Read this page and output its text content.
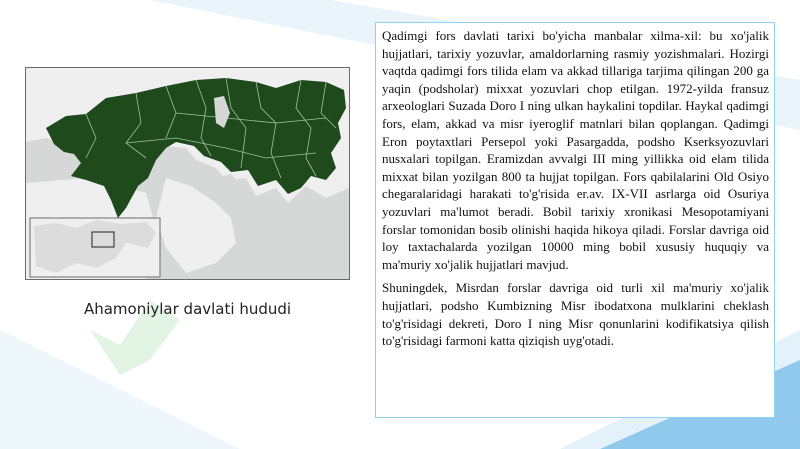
Ahamoniylar davlati hududi

Qadimgi fors davlati tarixi bo'yicha manbalar xilma-xil: bu xo'jalik hujjatlari, tarixiy yozuvlar, amaldorlarning rasmiy yozishmalari. Hozirgi vaqtda qadimgi fors tilida elam va akkad tillariga tarjima qilingan 200 ga yaqin (podsholar) mixxat yozuvlari chop etilgan. 1972-yilda fransuz arxeologlari Suzada Doro I ning ulkan haykalini topdilar. Haykal qadimgi fors, elam, akkad va misr iyeroglif matnlari bilan qoplangan. Qadimgi Eron poytaxtlari Persepol yoki Pasargadda, podsho Kserksyozuvlari nusxalari topilgan. Eramizdan avvalgi III ming yillikka oid elam tilida mixxat bilan yozilgan 800 ta hujjat topilgan. Fors qabilalarini Old Osiyo chegaralaridagi harakati to'g'risida er.av. IX-VII asrlarga oid Osuriya yozuvlari ma'lumot beradi. Bobil tarixiy xronikasi Mesopotamiyani forslar tomonidan bosib olinishi haqida hikoya qiladi. Forslar davriga oid loy taxtachalarda yozilgan 10000 ming bobil xususiy huquqiy va ma'muriy xo'jalik hujjatlari mavjud.

Shuningdek, Misrdan forslar davriga oid turli xil ma'muriy xo'jalik hujjatlari, podsho Kumbizning Misr ibodatxona mulklarini cheklash to'g'risidagi dekreti, Doro I ning Misr qonunlarini kodifikatsiya qilish to'g'risidagi farmoni katta qiziqish uyg'otadi.
